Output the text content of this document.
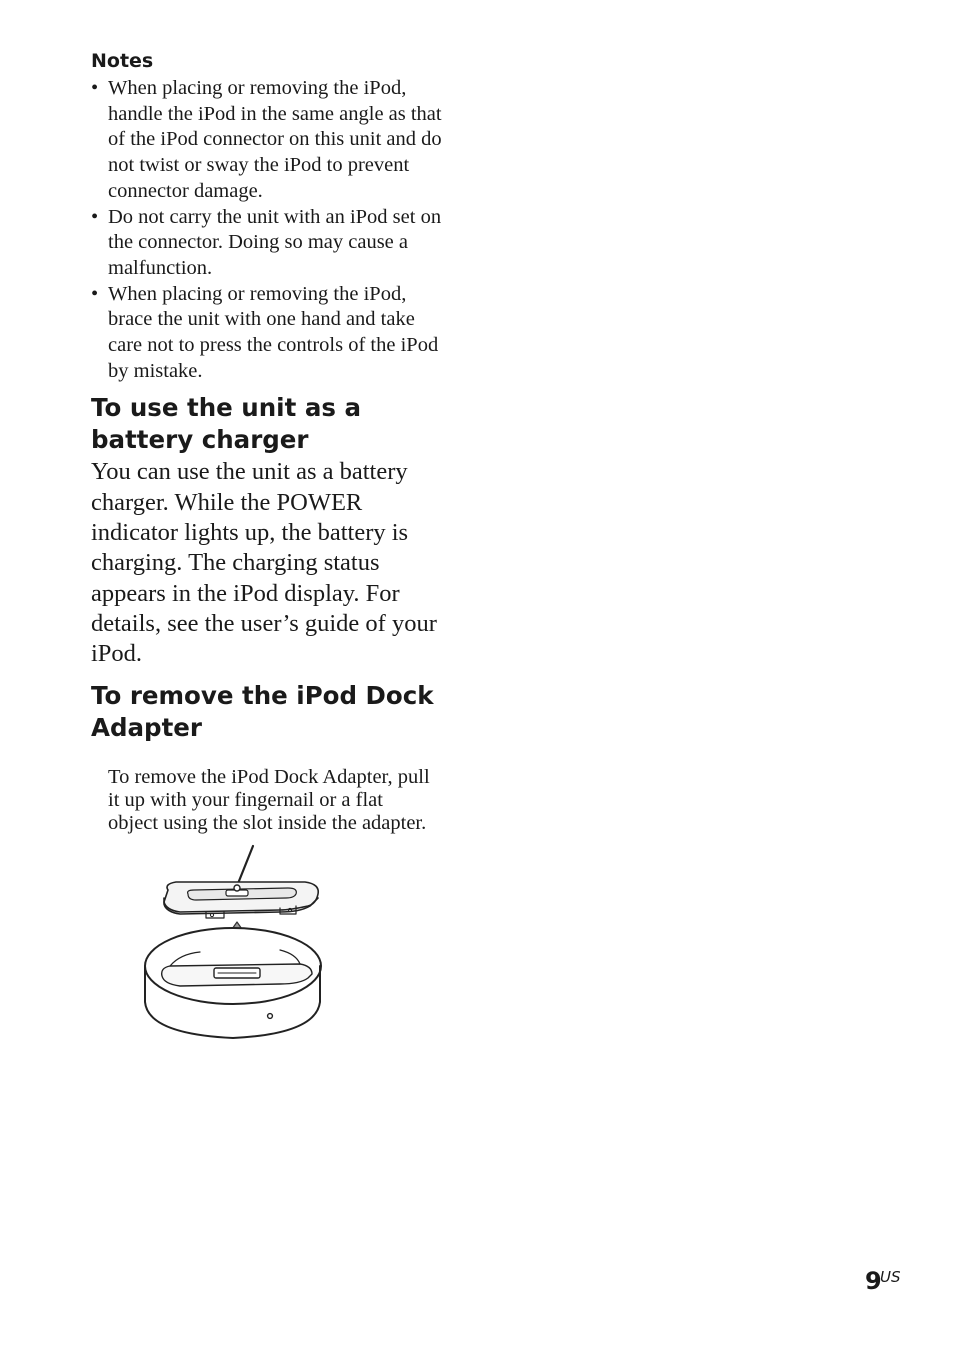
Notes
• When placing or removing the iPod, handle the iPod in the same angle as that of the iPod connector on this unit and do not twist or sway the iPod to prevent connector damage.
• Do not carry the unit with an iPod set on the connector. Doing so may cause a malfunction.
• When placing or removing the iPod, brace the unit with one hand and take care not to press the controls of the iPod by mistake.
To use the unit as a battery charger

You can use the unit as a battery charger. While the POWER indicator lights up, the battery is charging. The charging status appears in the iPod display. For details, see the user’s guide of your iPod.

To remove the iPod Dock Adapter

To remove the iPod Dock Adapter, pull it up with your fingernail or a flat object using the slot inside the adapter.

9
US
